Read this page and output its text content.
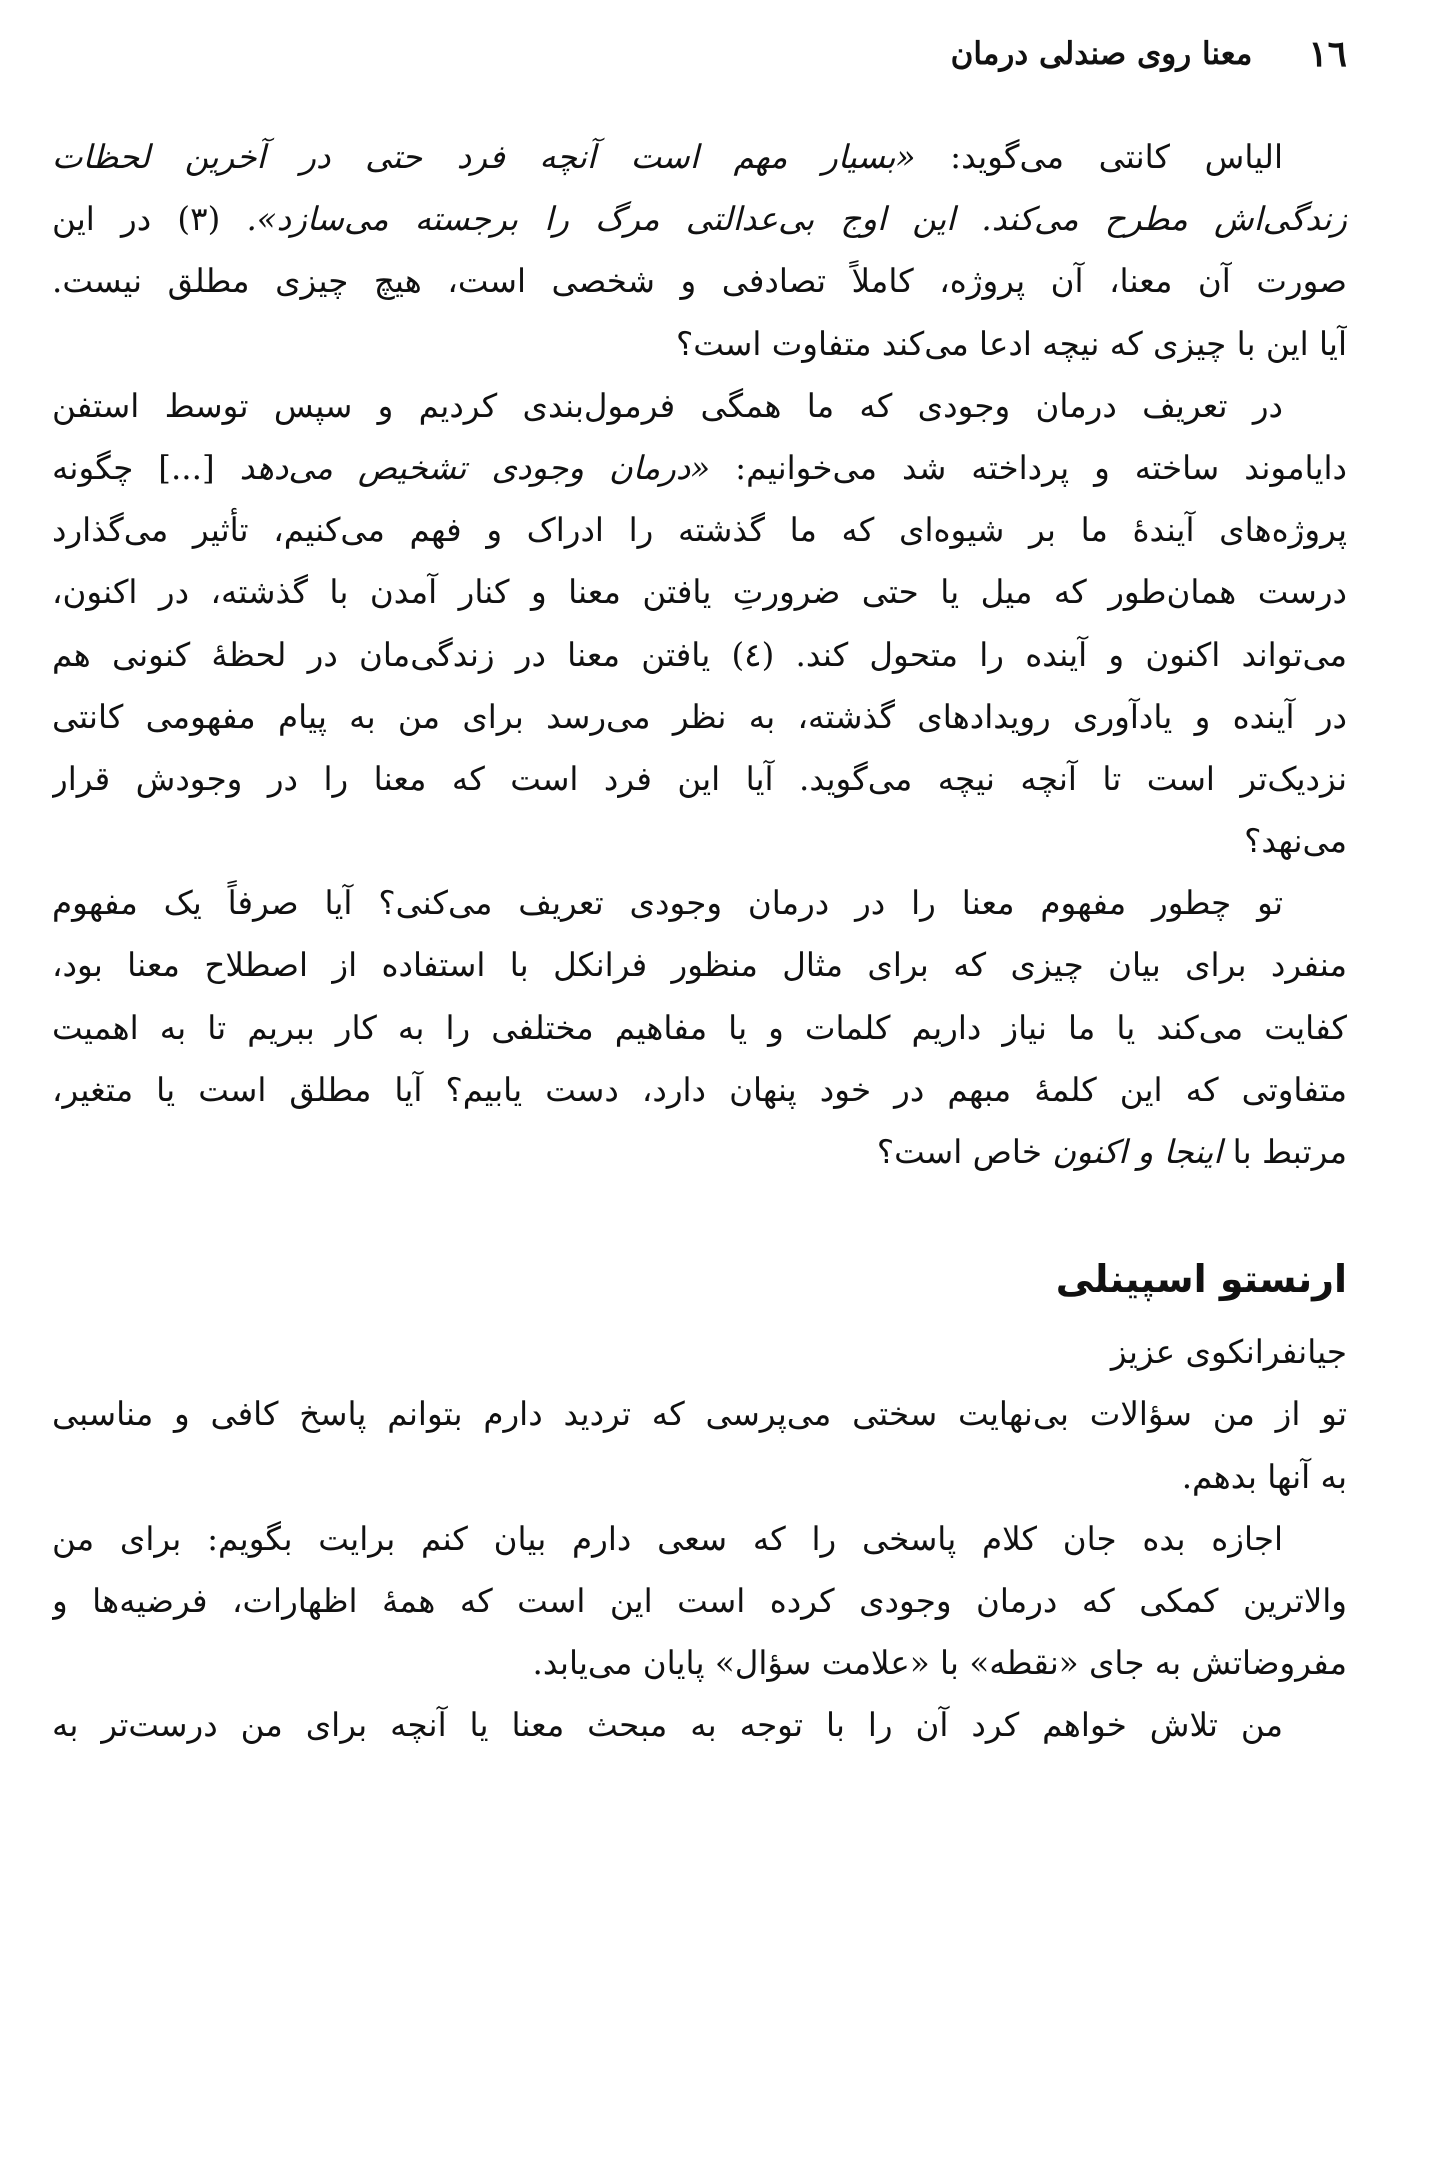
١٦
معنا روی صندلی درمان
الیاس کانتی می‌گوید: «بسیار مهم است آنچه فرد حتی در آخرین لحظات
زندگی‌اش مطرح می‌کند. این اوج بی‌عدالتی مرگ را برجسته می‌سازد». (۳) در این
صورت آن معنا، آن پروژه، کاملاً تصادفی و شخصی است، هیچ چیزی مطلق نیست.
آیا این با چیزی که نیچه ادعا می‌کند متفاوت است؟
در تعریف درمان وجودی که ما همگی فرمول‌بندی کردیم و سپس توسط استفن
دایاموند ساخته و پرداخته شد می‌خوانیم: «درمان وجودی تشخیص می‌دهد [...] چگونه
پروژه‌های آیندهٔ ما بر شیوه‌ای که ما گذشته را ادراک و فهم می‌کنیم، تأثیر می‌گذارد
درست همان‌طور که میل یا حتی ضرورتِ یافتن معنا و کنار آمدن با گذشته، در اکنون،
می‌تواند اکنون و آینده را متحول کند. (٤) یافتن معنا در زندگی‌مان در لحظهٔ کنونی هم
در آینده و یادآوری رویدادهای گذشته، به نظر می‌رسد برای من به پیام مفهومی کانتی
نزدیک‌تر است تا آنچه نیچه می‌گوید. آیا این فرد است که معنا را در وجودش قرار
می‌نهد؟
تو چطور مفهوم معنا را در درمان وجودی تعریف می‌کنی؟ آیا صرفاً یک مفهوم
منفرد برای بیان چیزی که برای مثال منظور فرانکل با استفاده از اصطلاح معنا بود،
کفایت می‌کند یا ما نیاز داریم کلمات و یا مفاهیم مختلفی را به کار ببریم تا به اهمیت
متفاوتی که این کلمهٔ مبهم در خود پنهان دارد، دست یابیم؟ آیا مطلق است یا متغیر،
مرتبط با اینجا و اکنون خاص است؟
ارنستو اسپینلی
جیانفرانکوی عزیز
تو از من سؤالات بی‌نهایت سختی می‌پرسی که تردید دارم بتوانم پاسخ کافی و مناسبی
به آنها بدهم.
اجازه بده جان کلام پاسخی را که سعی دارم بیان کنم برایت بگویم: برای من
والاترین کمکی که درمان وجودی کرده است این است که همهٔ اظهارات، فرضیه‌ها و
مفروضاتش به جای «نقطه» با «علامت سؤال» پایان می‌یابد.
من تلاش خواهم کرد آن را با توجه به مبحث معنا یا آنچه برای من درست‌تر به
